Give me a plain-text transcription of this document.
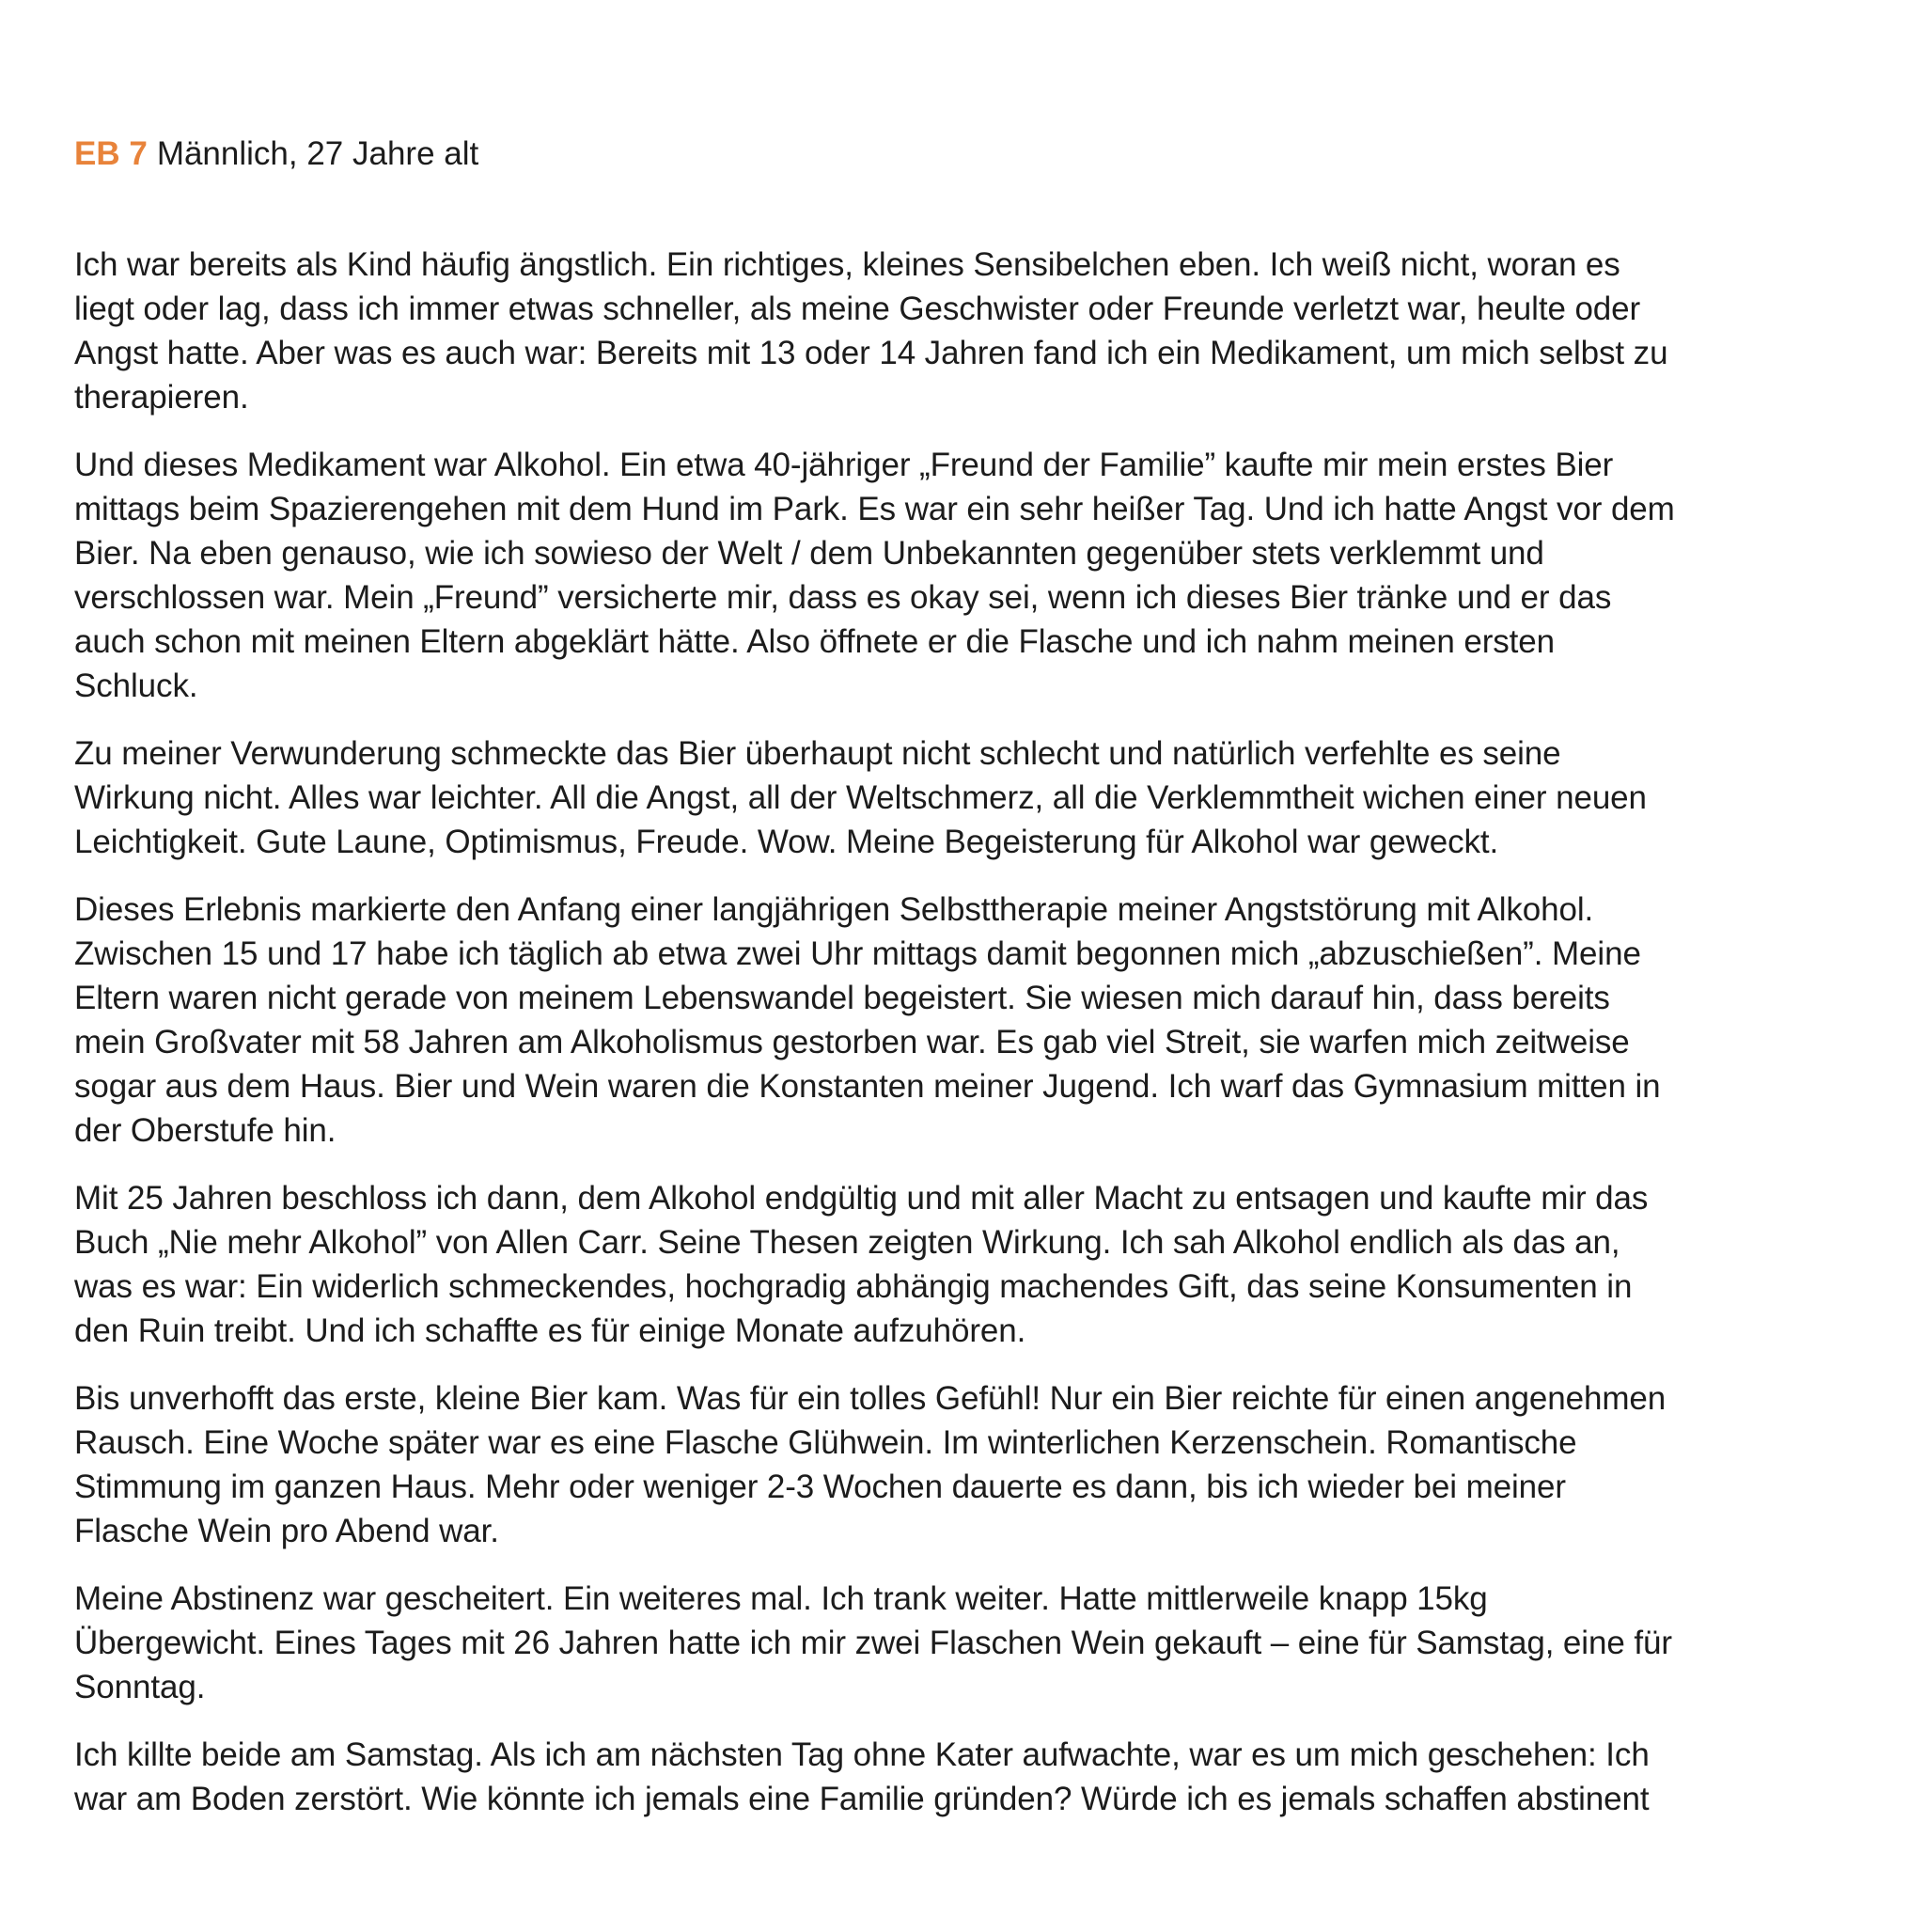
EB 7 Männlich, 27 Jahre alt

Ich war bereits als Kind häufig ängstlich. Ein richtiges, kleines Sensibelchen eben. Ich weiß nicht, woran es
liegt oder lag, dass ich immer etwas schneller, als meine Geschwister oder Freunde verletzt war, heulte oder
Angst hatte. Aber was es auch war: Bereits mit 13 oder 14 Jahren fand ich ein Medikament, um mich selbst zu
therapieren.

Und dieses Medikament war Alkohol. Ein etwa 40-jähriger „Freund der Familie” kaufte mir mein erstes Bier
mittags beim Spazierengehen mit dem Hund im Park. Es war ein sehr heißer Tag. Und ich hatte Angst vor dem
Bier. Na eben genauso, wie ich sowieso der Welt / dem Unbekannten gegenüber stets verklemmt und
verschlossen war. Mein „Freund” versicherte mir, dass es okay sei, wenn ich dieses Bier tränke und er das
auch schon mit meinen Eltern abgeklärt hätte. Also öffnete er die Flasche und ich nahm meinen ersten
Schluck.

Zu meiner Verwunderung schmeckte das Bier überhaupt nicht schlecht und natürlich verfehlte es seine
Wirkung nicht. Alles war leichter. All die Angst, all der Weltschmerz, all die Verklemmtheit wichen einer neuen
Leichtigkeit. Gute Laune, Optimismus, Freude. Wow. Meine Begeisterung für Alkohol war geweckt.

Dieses Erlebnis markierte den Anfang einer langjährigen Selbsttherapie meiner Angststörung mit Alkohol.
Zwischen 15 und 17 habe ich täglich ab etwa zwei Uhr mittags damit begonnen mich „abzuschießen”. Meine
Eltern waren nicht gerade von meinem Lebenswandel begeistert. Sie wiesen mich darauf hin, dass bereits
mein Großvater mit 58 Jahren am Alkoholismus gestorben war. Es gab viel Streit, sie warfen mich zeitweise
sogar aus dem Haus. Bier und Wein waren die Konstanten meiner Jugend. Ich warf das Gymnasium mitten in
der Oberstufe hin.

Mit 25 Jahren beschloss ich dann, dem Alkohol endgültig und mit aller Macht zu entsagen und kaufte mir das
Buch „Nie mehr Alkohol” von Allen Carr. Seine Thesen zeigten Wirkung. Ich sah Alkohol endlich als das an,
was es war: Ein widerlich schmeckendes, hochgradig abhängig machendes Gift, das seine Konsumenten in
den Ruin treibt. Und ich schaffte es für einige Monate aufzuhören.

Bis unverhofft das erste, kleine Bier kam. Was für ein tolles Gefühl! Nur ein Bier reichte für einen angenehmen
Rausch. Eine Woche später war es eine Flasche Glühwein. Im winterlichen Kerzenschein. Romantische
Stimmung im ganzen Haus. Mehr oder weniger 2-3 Wochen dauerte es dann, bis ich wieder bei meiner
Flasche Wein pro Abend war.

Meine Abstinenz war gescheitert. Ein weiteres mal. Ich trank weiter. Hatte mittlerweile knapp 15kg
Übergewicht. Eines Tages mit 26 Jahren hatte ich mir zwei Flaschen Wein gekauft – eine für Samstag, eine für
Sonntag.

Ich killte beide am Samstag. Als ich am nächsten Tag ohne Kater aufwachte, war es um mich geschehen: Ich
war am Boden zerstört. Wie könnte ich jemals eine Familie gründen? Würde ich es jemals schaffen abstinent
